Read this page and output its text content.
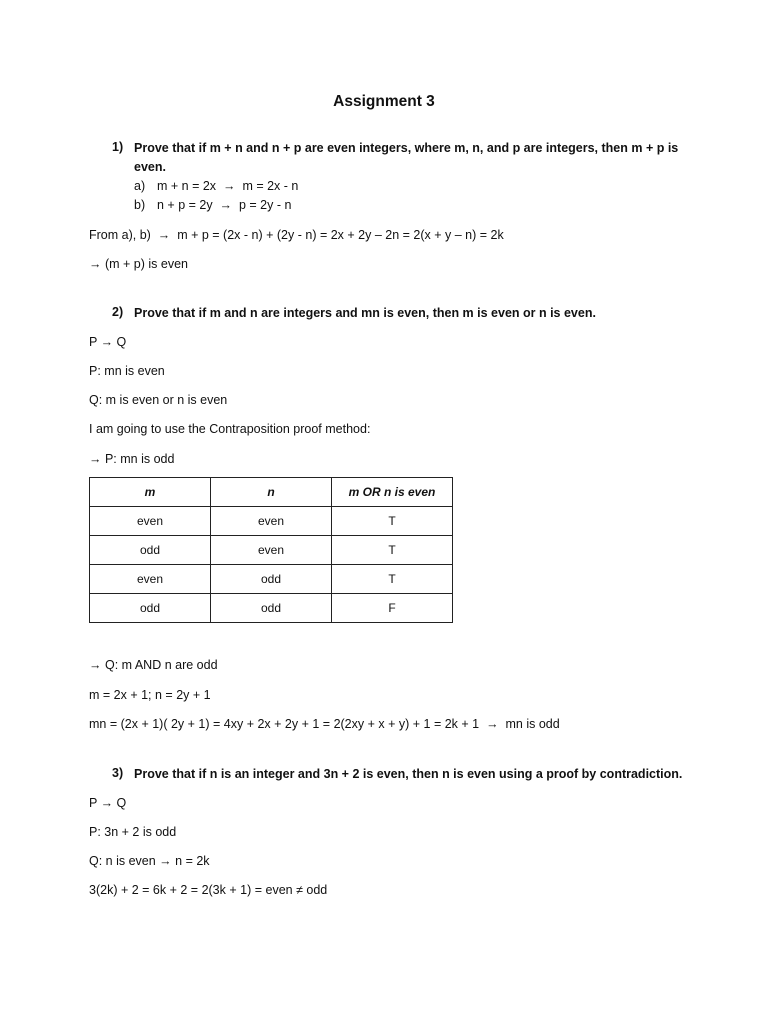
Assignment 3
1) Prove that if m + n and n + p are even integers, where m, n, and p are integers, then m + p is
even.
a) m + n = 2x  →  m = 2x - n
b) n + p = 2y  →  p = 2y - n
From a), b)  →  m + p = (2x - n) + (2y - n) = 2x + 2y – 2n = 2(x + y – n) = 2k
→ (m + p) is even
2) Prove that if m and n are integers and mn is even, then m is even or n is even.
P → Q
P: mn is even
Q: m is even or n is even
I am going to use the Contraposition proof method:
→ P: mn is odd
m	n	m OR n is even
even	even	T
odd	even	T
even	odd	T
odd	odd	F
→ Q: m AND n are odd
m = 2x + 1; n = 2y + 1
mn = (2x + 1)( 2y + 1) = 4xy + 2x + 2y + 1 = 2(2xy + x + y) + 1 = 2k + 1  →  mn is odd
3) Prove that if n is an integer and 3n + 2 is even, then n is even using a proof by contradiction.
P → Q
P: 3n + 2 is odd
Q: n is even → n = 2k
3(2k) + 2 = 6k + 2 = 2(3k + 1) = even ≠ odd
